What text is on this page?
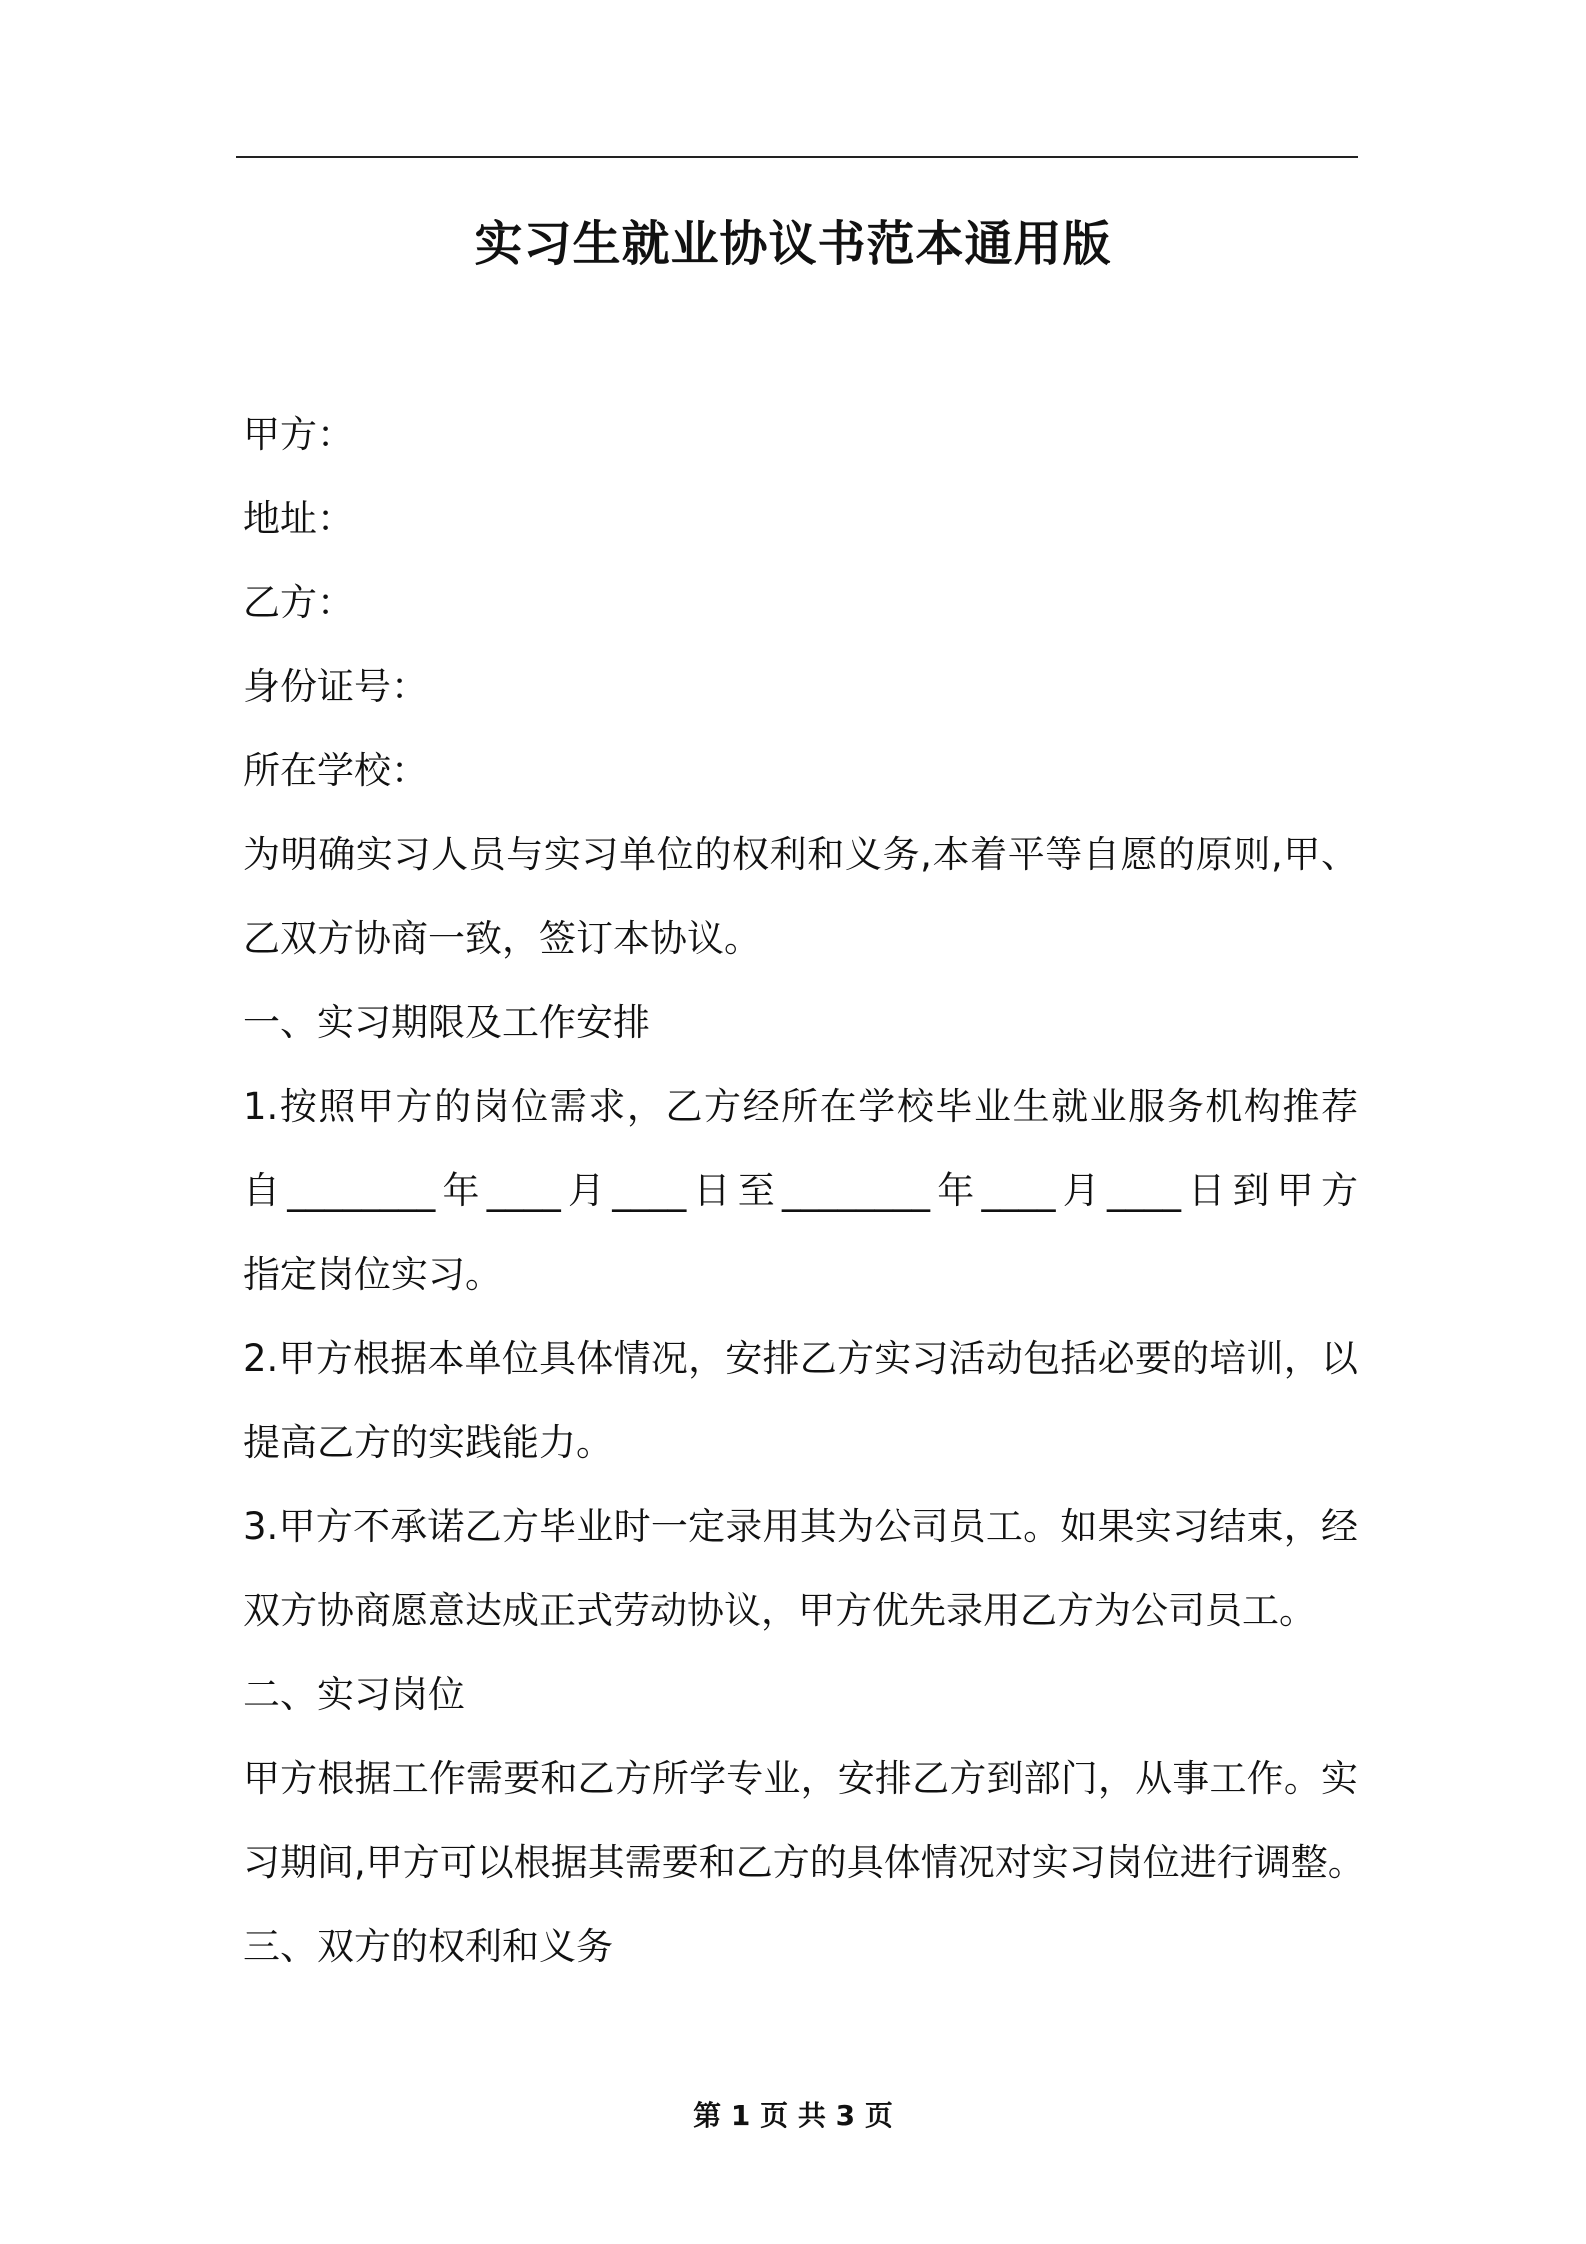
实习生就业协议书范本通用版
甲方：
地址：
乙方：
身份证号：
所在学校：
为明确实习人员与实习单位的权利和义务,本着平等自愿的原则,甲、
乙双方协商一致，签订本协议。
一、实习期限及工作安排
1.按照甲方的岗位需求，乙方经所在学校毕业生就业服务机构推荐
自________年____月____日至________年____月____日到甲方
指定岗位实习。
2.甲方根据本单位具体情况，安排乙方实习活动包括必要的培训，以
提高乙方的实践能力。
3.甲方不承诺乙方毕业时一定录用其为公司员工。如果实习结束，经
双方协商愿意达成正式劳动协议，甲方优先录用乙方为公司员工。
二、实习岗位
甲方根据工作需要和乙方所学专业，安排乙方到部门，从事工作。实
习期间,甲方可以根据其需要和乙方的具体情况对实习岗位进行调整。
三、双方的权利和义务
第 1 页 共 3 页
